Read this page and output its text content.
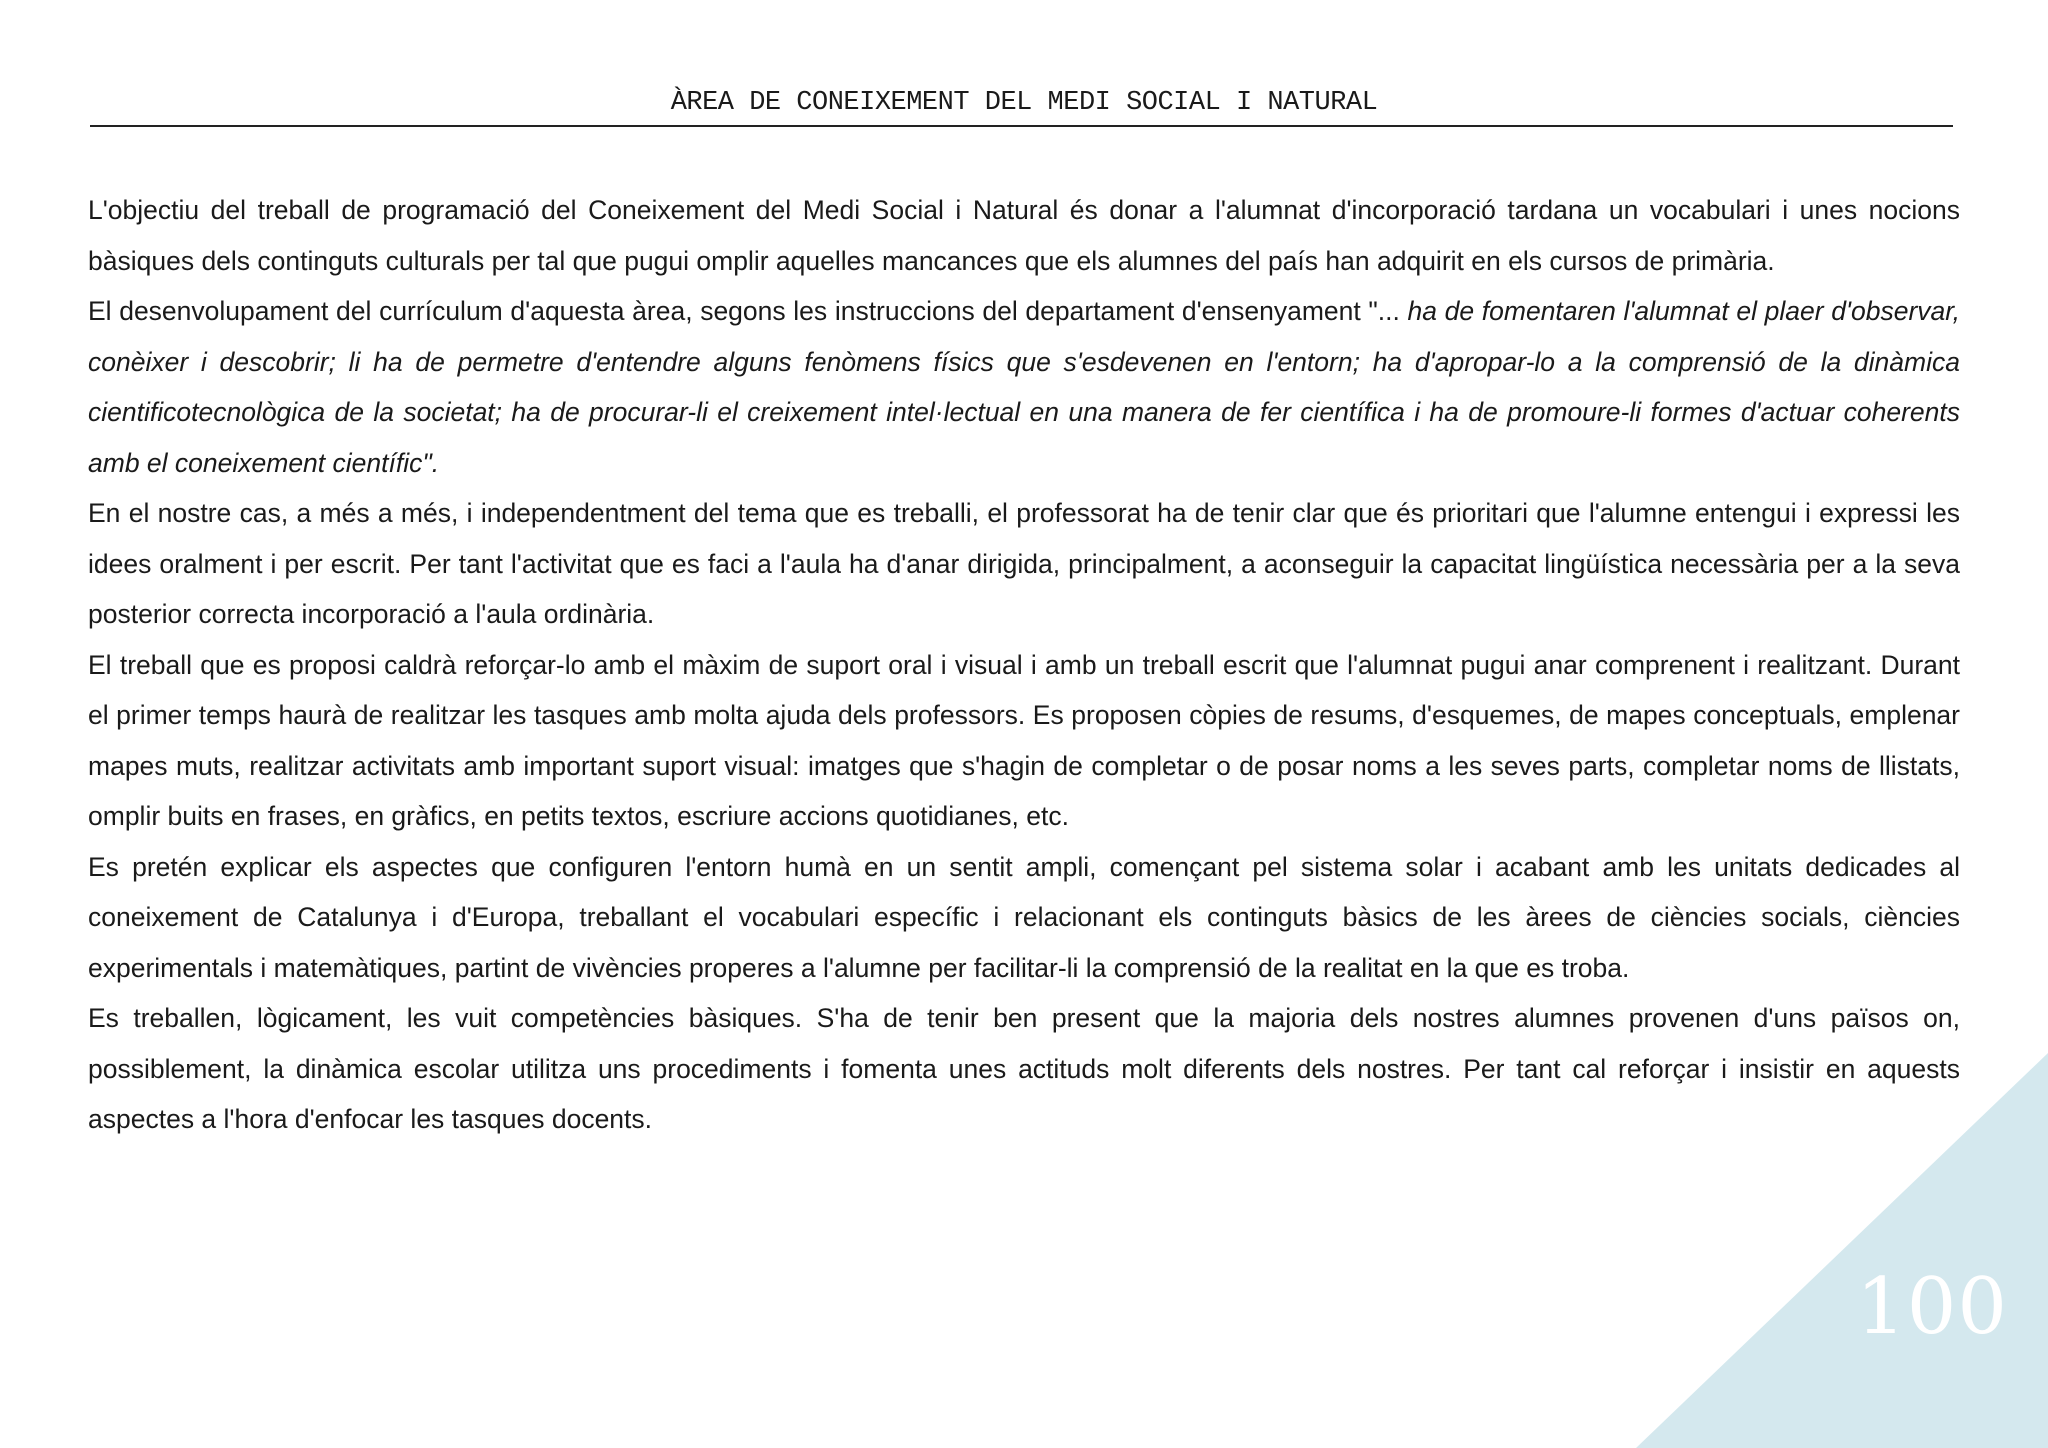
ÀREA DE CONEIXEMENT DEL MEDI SOCIAL I NATURAL

L'objectiu del treball de programació del Coneixement del Medi Social i Natural és donar a l'alumnat d'incorporació tardana un vocabulari i unes nocions bàsiques dels continguts culturals per tal que pugui omplir aquelles mancances que els alumnes del país han adquirit en els cursos de primària.

El desenvolupament del currículum d'aquesta àrea, segons les instruccions del departament d'ensenyament "... ha de fomentaren l'alumnat el plaer d'observar, conèixer i descobrir; li ha de permetre d'entendre alguns fenòmens físics que s'esdevenen en l'entorn; ha d'apropar-lo a la comprensió de la dinàmica cientificotecnològica de la societat; ha de procurar-li el creixement intel·lectual en una manera de fer científica i ha de promoure-li formes d'actuar coherents amb el coneixement científic".

En el nostre cas, a més a més, i independentment del tema que es treballi, el professorat ha de tenir clar que és prioritari que l'alumne entengui i expressi les idees oralment i per escrit. Per tant l'activitat que es faci a l'aula ha d'anar dirigida, principalment, a aconseguir la capacitat lingüística necessària per a la seva posterior correcta incorporació a l'aula ordinària.

El treball que es proposi caldrà reforçar-lo amb el màxim de suport oral i visual i amb un treball escrit que l'alumnat pugui anar comprenent i realitzant. Durant el primer temps haurà de realitzar les tasques amb molta ajuda dels professors. Es proposen còpies de resums, d'esquemes, de mapes conceptuals, emplenar mapes muts, realitzar activitats amb important suport visual: imatges que s'hagin de completar o de posar noms a les seves parts, completar noms de llistats, omplir buits en frases, en gràfics, en petits textos, escriure accions quotidianes, etc.

Es pretén explicar els aspectes que configuren l'entorn humà en un sentit ampli, començant pel sistema solar i acabant amb les unitats dedicades al coneixement de Catalunya i d'Europa, treballant el vocabulari específic i relacionant els continguts bàsics de les àrees de ciències socials, ciències experimentals i matemàtiques, partint de vivències properes a l'alumne per facilitar-li la comprensió de la realitat en la que es troba.

Es treballen, lògicament, les vuit competències bàsiques. S'ha de tenir ben present que la majoria dels nostres alumnes provenen d'uns països on, possiblement, la dinàmica escolar utilitza uns procediments i fomenta unes actituds molt diferents dels nostres. Per tant cal reforçar i insistir en aquests aspectes a l'hora d'enfocar les tasques docents.

100
